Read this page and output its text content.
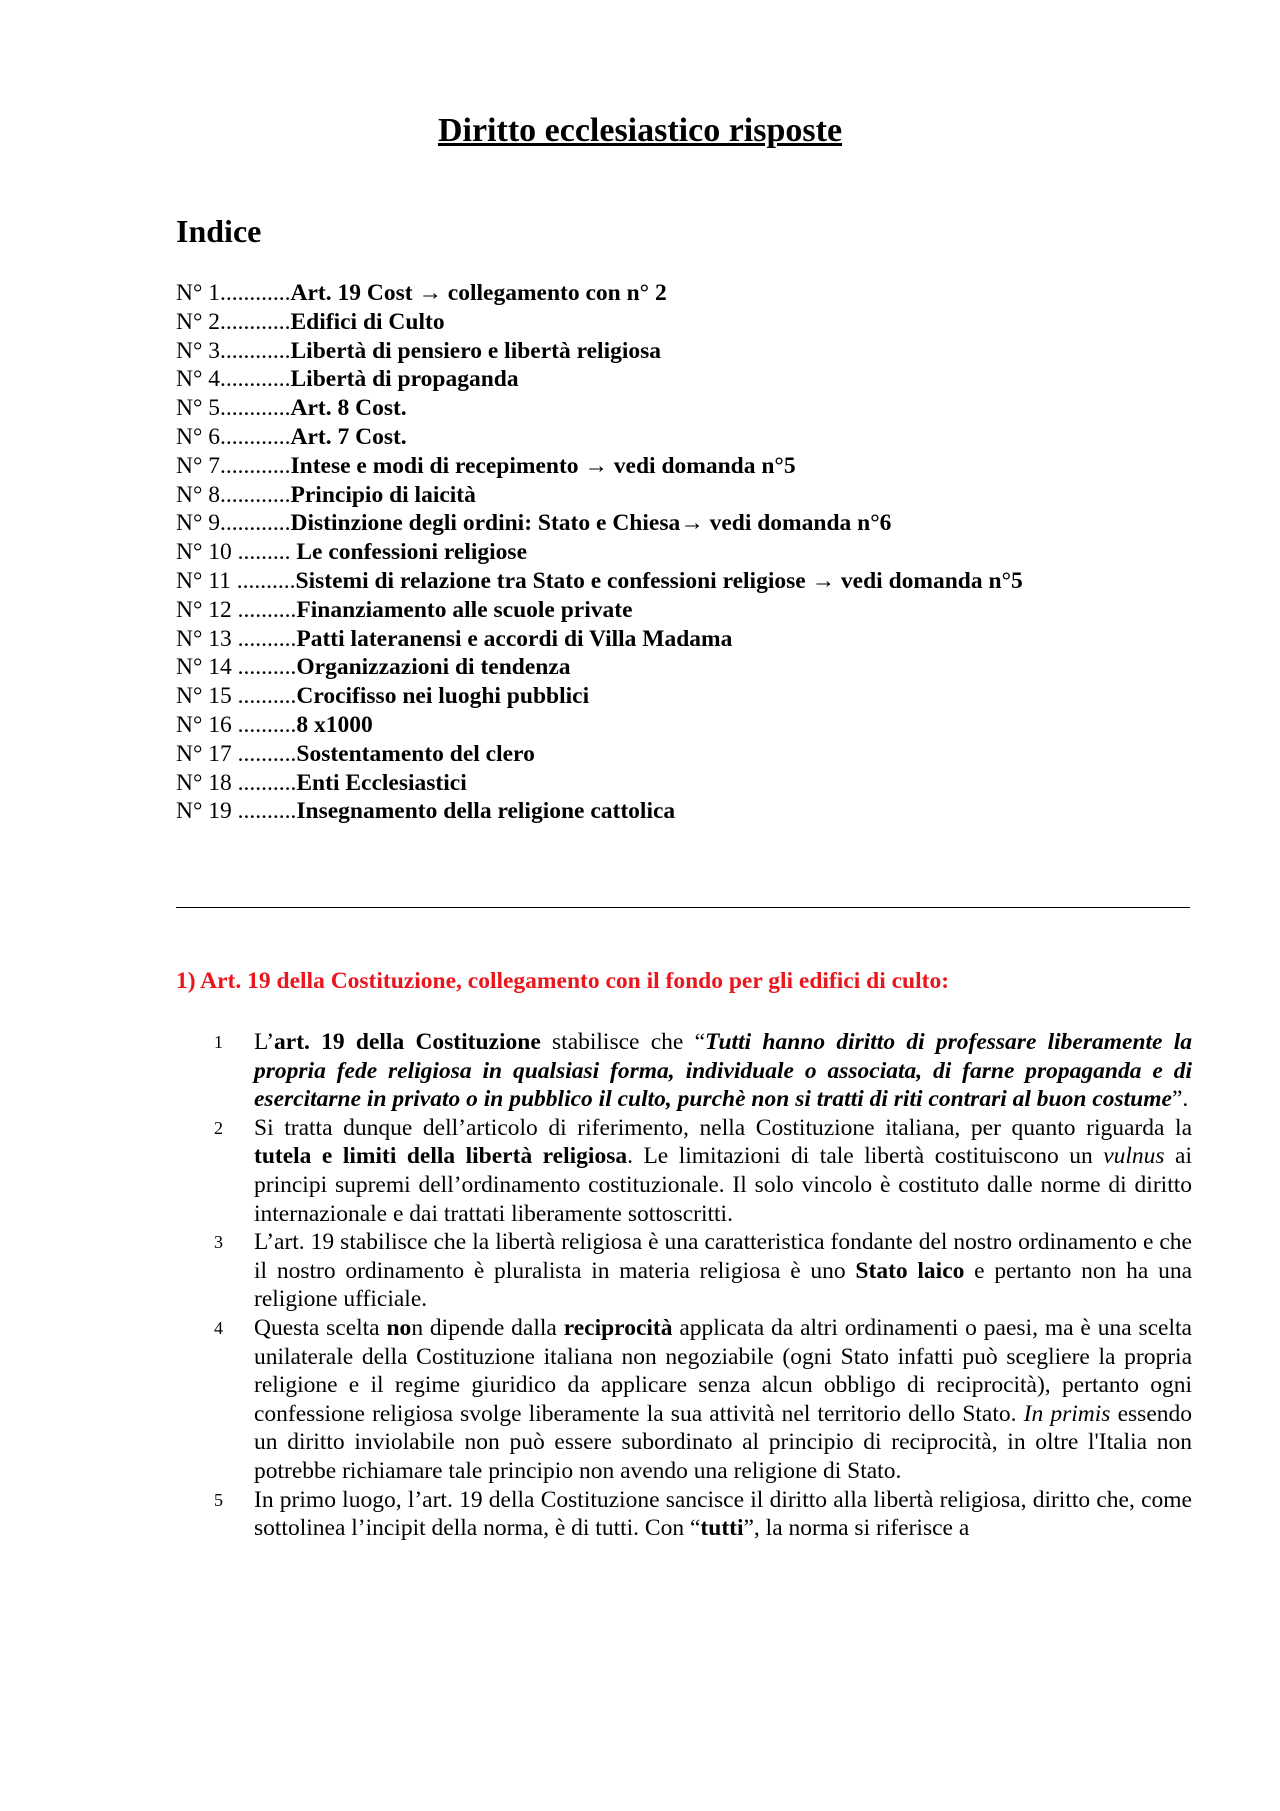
Diritto ecclesiastico risposte
Indice
N° 1............Art. 19 Cost → collegamento con n° 2
N° 2............Edifici di Culto
N° 3............Libertà di pensiero e libertà religiosa
N° 4............Libertà di propaganda
N° 5............Art. 8 Cost.
N° 6............Art. 7 Cost.
N° 7............Intese e modi di recepimento → vedi domanda n°5
N° 8............Principio di laicità
N° 9............Distinzione degli ordini: Stato e Chiesa→ vedi domanda n°6
N° 10 ......... Le confessioni religiose
N° 11 ..........Sistemi di relazione tra Stato e confessioni religiose → vedi domanda n°5
N° 12 ..........Finanziamento alle scuole private
N° 13 ..........Patti lateranensi e accordi di Villa Madama
N° 14 ..........Organizzazioni di tendenza
N° 15 ..........Crocifisso nei luoghi pubblici
N° 16 ..........8 x1000
N° 17 ..........Sostentamento del clero
N° 18 ..........Enti Ecclesiastici
N° 19 ..........Insegnamento della religione cattolica
1) Art. 19 della Costituzione, collegamento con il fondo per gli edifici di culto:
1	L’art. 19 della Costituzione stabilisce che “Tutti hanno diritto di professare liberamente la propria fede religiosa in qualsiasi forma, individuale o associata, di farne propaganda e di esercitarne in privato o in pubblico il culto, purchè non si tratti di riti contrari al buon costume”.
2	Si tratta dunque dell’articolo di riferimento, nella Costituzione italiana, per quanto riguarda la tutela e limiti della libertà religiosa. Le limitazioni di tale libertà costituiscono un vulnus ai principi supremi dell’ordinamento costituzionale. Il solo vincolo è costituto dalle norme di diritto internazionale e dai trattati liberamente sottoscritti.
3	L’art. 19 stabilisce che la libertà religiosa è una caratteristica fondante del nostro ordinamento e che il nostro ordinamento è pluralista in materia religiosa è uno Stato laico e pertanto non ha una religione ufficiale.
4	Questa scelta non dipende dalla reciprocità applicata da altri ordinamenti o paesi, ma è una scelta unilaterale della Costituzione italiana non negoziabile (ogni Stato infatti può scegliere la propria religione e il regime giuridico da applicare senza alcun obbligo di reciprocità), pertanto ogni confessione religiosa svolge liberamente la sua attività nel territorio dello Stato. In primis essendo un diritto inviolabile non può essere subordinato al principio di reciprocità, in oltre l'Italia non potrebbe richiamare tale principio non avendo una religione di Stato.
5	In primo luogo, l’art. 19 della Costituzione sancisce il diritto alla libertà religiosa, diritto che, come sottolinea l’incipit della norma, è di tutti. Con “tutti”, la norma si riferisce a
